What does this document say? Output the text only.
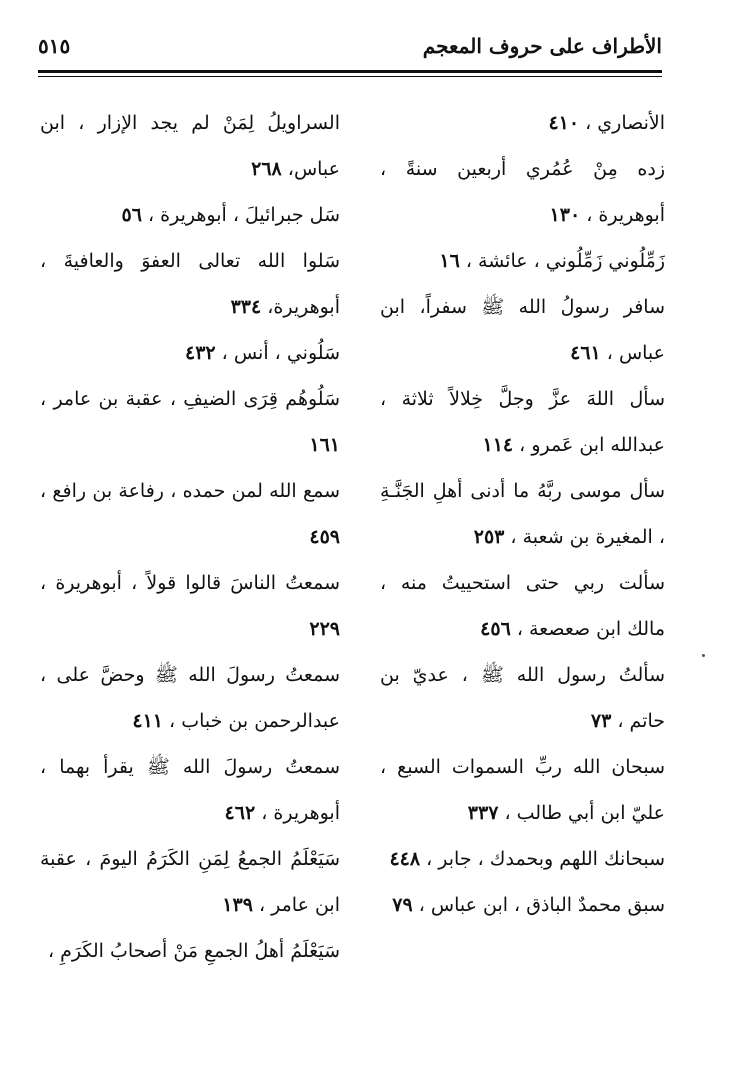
الأطراف على حروف المعجم
٥١٥

الأنصاري ، ٤١٠

زده مِنْ عُمُري أربعين سنةً ، أبوهريرة ، ١٣٠

زَمِّلُوني زَمِّلُوني ، عائشة ، ١٦

سافر رسولُ الله ﷺ سفراً، ابن عباس ، ٤٦١

سأل اللهَ عزَّ وجلَّ خِلالاً ثلاثة ، عبدالله ابن عَمرو ، ١١٤

سأل موسى ربَّهُ ما أدنى أهلِ الجَنَّـةِ ، المغيرة بن شعبة ، ٢٥٣

سألت ربي حتى استحييتُ منه ، مالك ابن صعصعة ، ٤٥٦

سألتُ رسول الله ﷺ ، عديّ بن حاتم ، ٧٣

سبحان الله ربِّ السموات السبع ، عليّ ابن أبي طالب ، ٣٣٧

سبحانك اللهم وبحمدك ، جابر ، ٤٤٨

سبق محمدٌ الباذق ، ابن عباس ، ٧٩

السراويلُ لِمَنْ لم يجد الإزار ، ابن عباس، ٢٦٨

سَل جبرائيلَ ، أبوهريرة ، ٥٦

سَلوا الله تعالى العفوَ والعافيةَ ، أبوهريرة، ٣٣٤

سَلُوني ، أنس ، ٤٣٢

سَلُوهُم قِرَى الضيفِ ، عقبة بن عامر ، ١٦١

سمع الله لمن حمده ، رفاعة بن رافع ، ٤٥٩

سمعتُ الناسَ قالوا قولاً ، أبوهريرة ، ٢٢٩

سمعتُ رسولَ الله ﷺ وحضَّ على ، عبدالرحمن بن خباب ، ٤١١

سمعتُ رسولَ الله ﷺ يقرأ بهما ، أبوهريرة ، ٤٦٢

سَيَعْلَمُ الجمعُ لِمَنِ الكَرَمُ اليومَ ، عقبة ابن عامر ، ١٣٩

سَيَعْلَمُ أهلُ الجمعِ مَنْ أصحابُ الكَرَمِ ،
